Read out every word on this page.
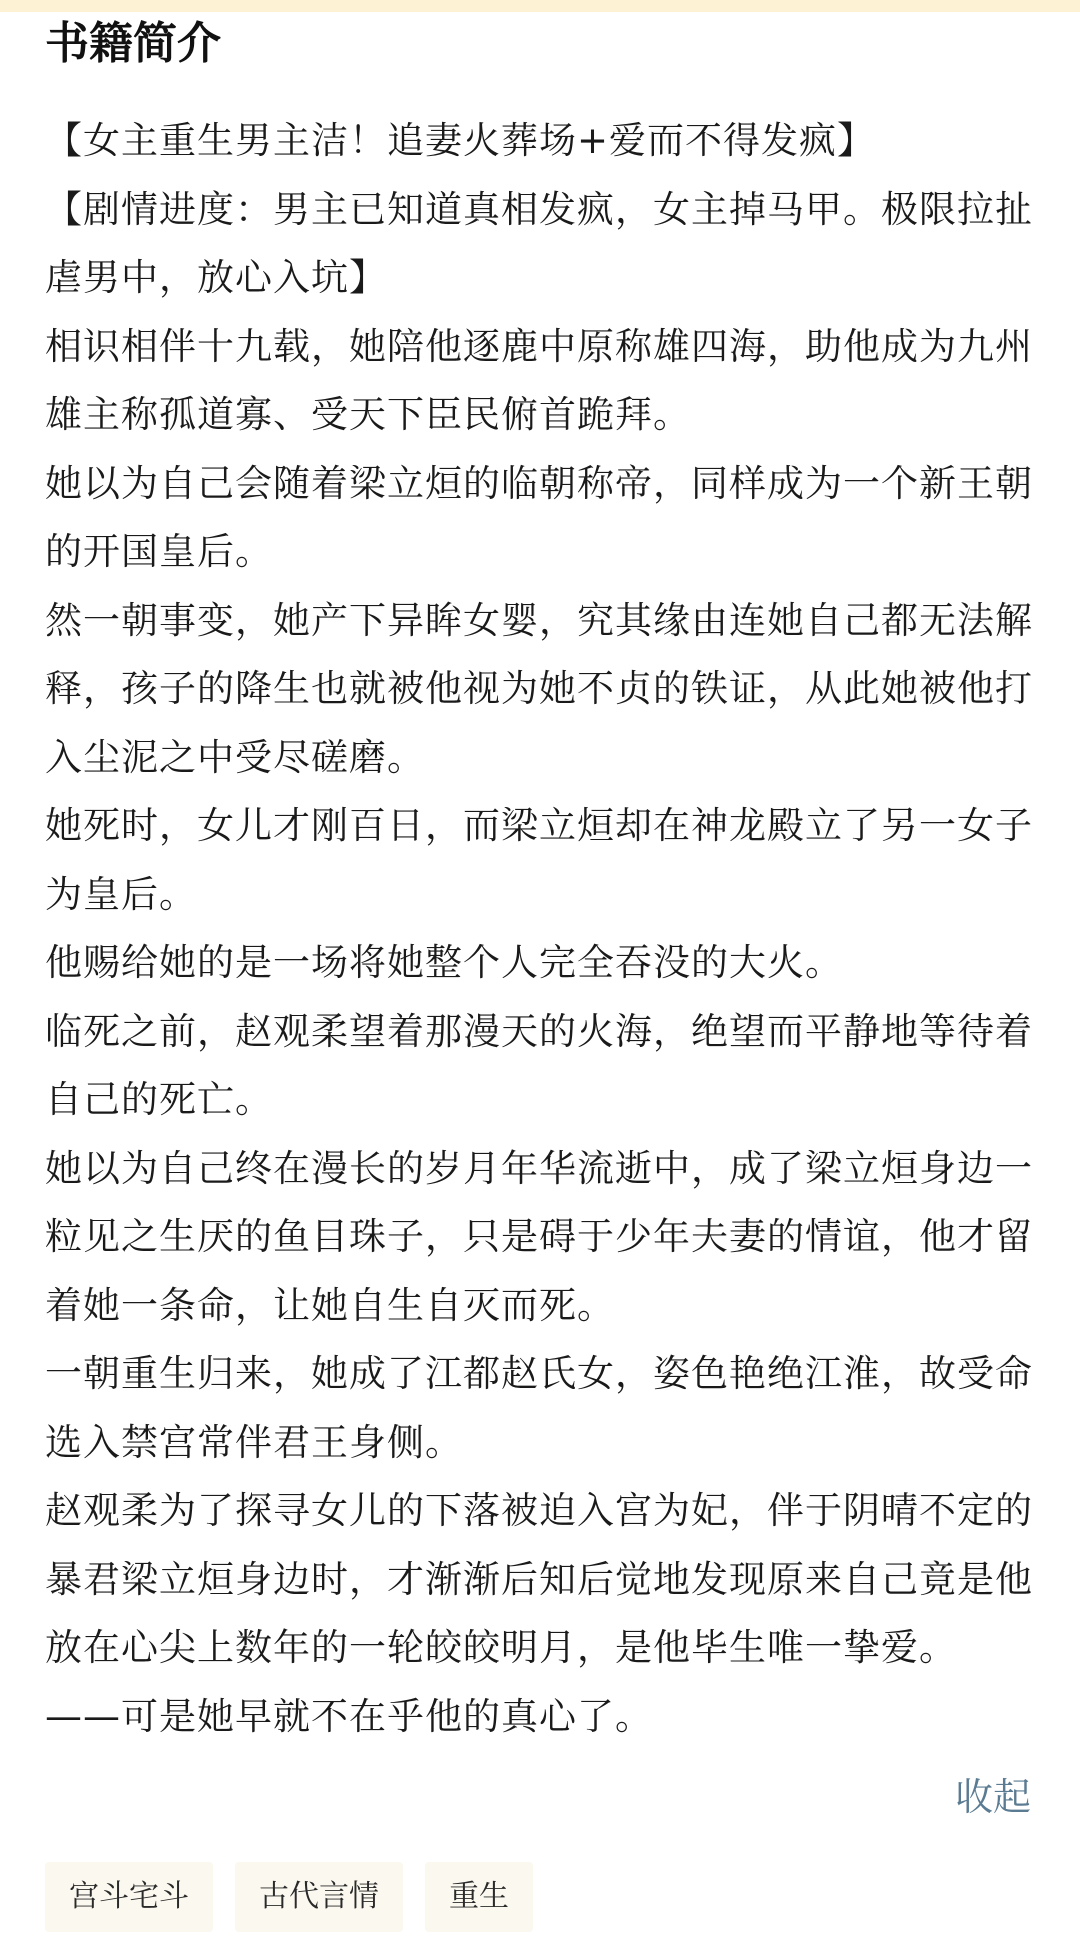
书籍简介

【女主重生男主洁！追妻火葬场+爱而不得发疯】

【剧情进度：男主已知道真相发疯，女主掉马甲。极限拉扯虐男中，放心入坑】

相识相伴十九载，她陪他逐鹿中原称雄四海，助他成为九州雄主称孤道寡、受天下臣民俯首跪拜。

她以为自己会随着梁立烜的临朝称帝，同样成为一个新王朝的开国皇后。

然一朝事变，她产下异眸女婴，究其缘由连她自己都无法解释，孩子的降生也就被他视为她不贞的铁证，从此她被他打入尘泥之中受尽磋磨。

她死时，女儿才刚百日，而梁立烜却在神龙殿立了另一女子为皇后。

他赐给她的是一场将她整个人完全吞没的大火。

临死之前，赵观柔望着那漫天的火海，绝望而平静地等待着自己的死亡。

她以为自己终在漫长的岁月年华流逝中，成了梁立烜身边一粒见之生厌的鱼目珠子，只是碍于少年夫妻的情谊，他才留着她一条命，让她自生自灭而死。

一朝重生归来，她成了江都赵氏女，姿色艳绝江淮，故受命选入禁宫常伴君王身侧。

赵观柔为了探寻女儿的下落被迫入宫为妃，伴于阴晴不定的暴君梁立烜身边时，才渐渐后知后觉地发现原来自己竟是他放在心尖上数年的一轮皎皎明月，是他毕生唯一挚爱。

——可是她早就不在乎他的真心了。

收起
宫斗宅斗	古代言情	重生
